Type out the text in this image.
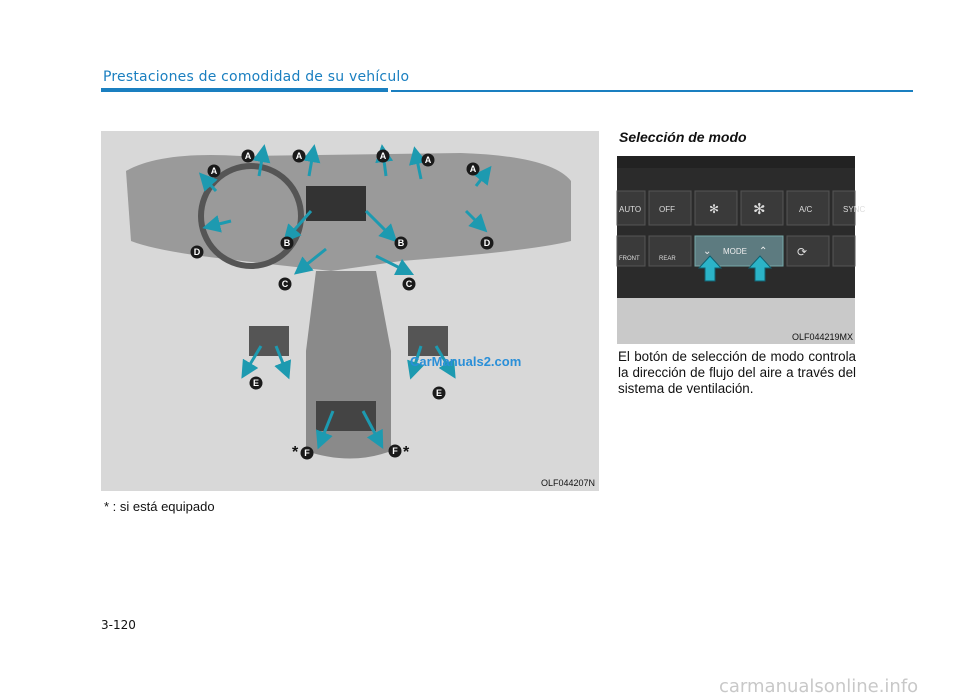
Prestaciones de comodidad de su vehículo
A
A	A	A	A
A
B	B
D
D
C	C
E
E
F	F
*	*
OLF044207N
CarManuals2.com
* : si está equipado
Selección de modo
AUTO OFF	A/C	SYNC
✻ ✻
FRONT	REAR
MODE
⌄	⌃ ⟳
OLF044219MX
El botón de selección de modo controla la dirección de flujo del aire a través del sistema de ventilación.
3-120
carmanualsonline.info
